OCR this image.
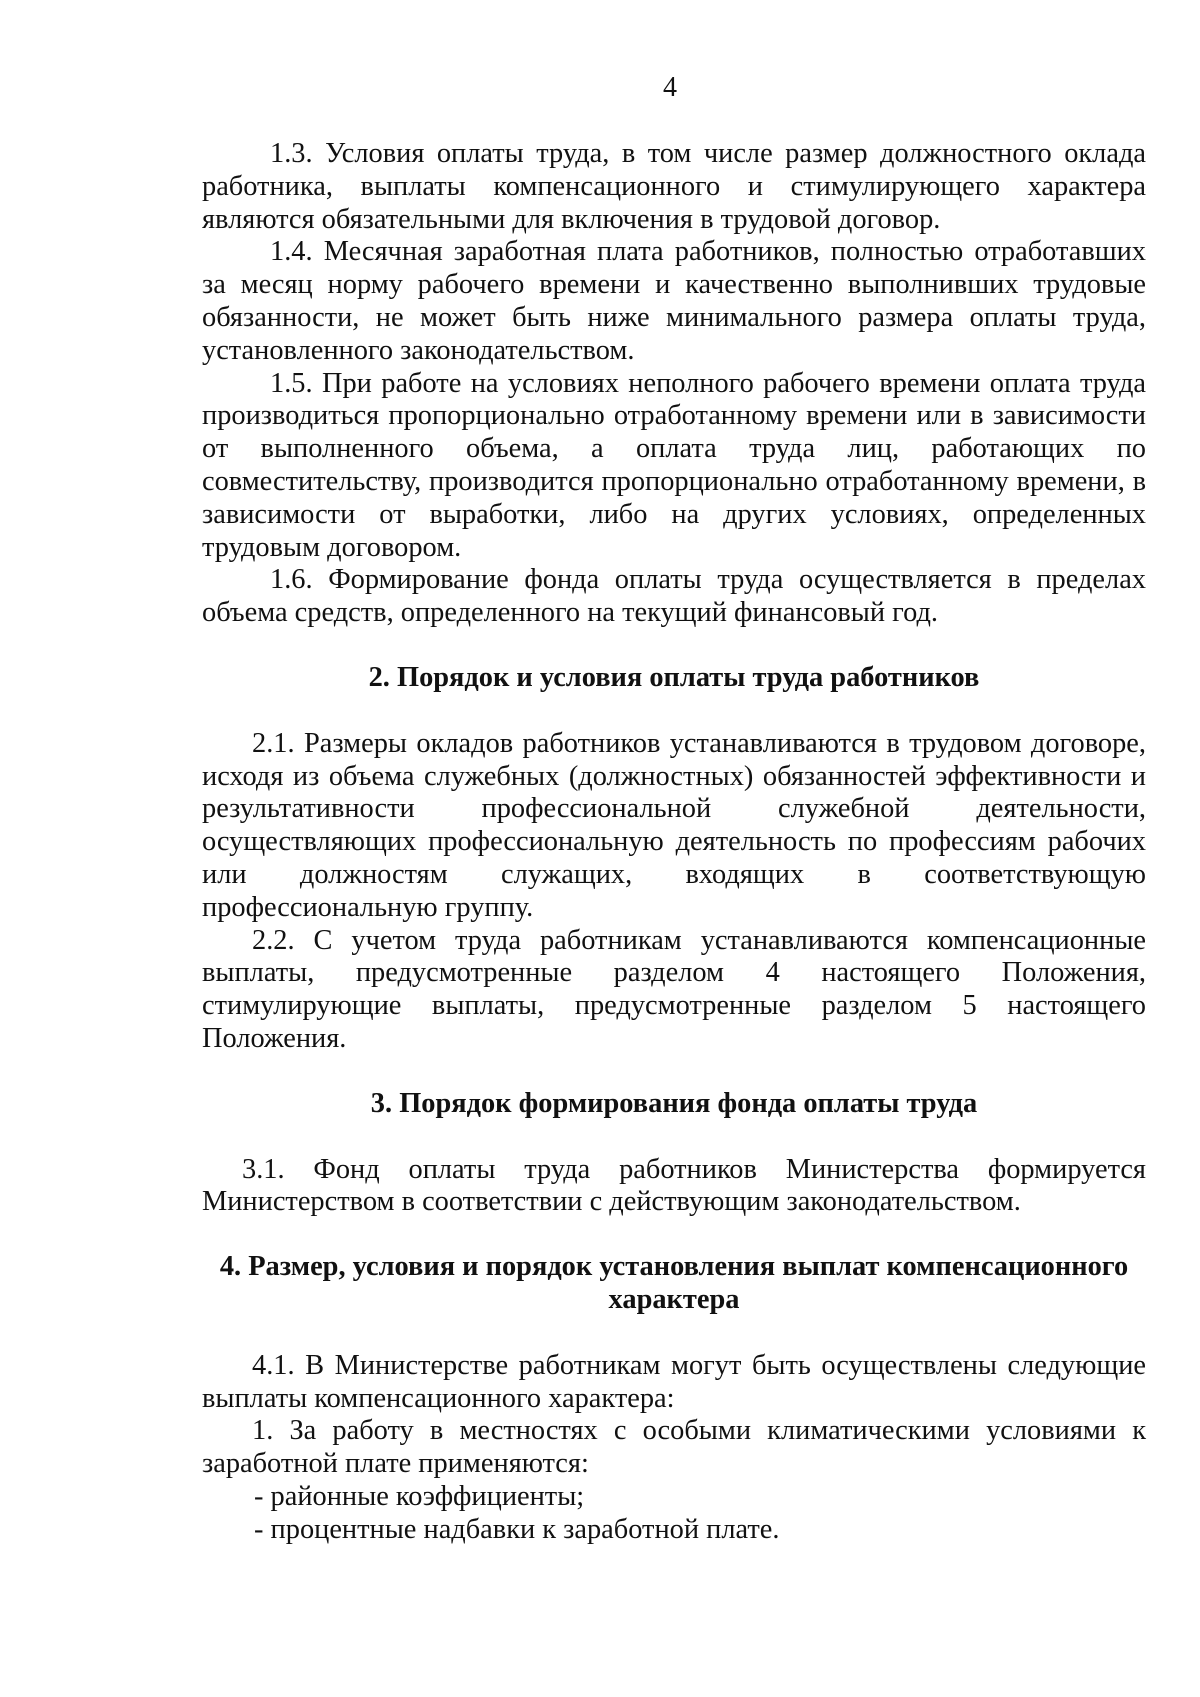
4

1.3. Условия оплаты труда, в том числе размер должностного оклада работника, выплаты компенсационного и стимулирующего характера являются обязательными для включения в трудовой договор.

1.4. Месячная заработная плата работников, полностью отработавших за месяц норму рабочего времени и качественно выполнивших трудовые обязанности, не может быть ниже минимального размера оплаты труда, установленного законодательством.

1.5. При работе на условиях неполного рабочего времени оплата труда производиться пропорционально отработанному времени или в зависимости от выполненного объема, а оплата труда лиц, работающих по совместительству, производится пропорционально отработанному времени, в зависимости от выработки, либо на других условиях, определенных трудовым договором.

1.6. Формирование фонда оплаты труда осуществляется в пределах объема средств, определенного на текущий финансовый год.

2. Порядок и условия оплаты труда работников

2.1. Размеры окладов работников устанавливаются в трудовом договоре, исходя из объема служебных (должностных) обязанностей эффективности и результативности профессиональной служебной деятельности, осуществляющих профессиональную деятельность по профессиям рабочих или должностям служащих, входящих в соответствующую профессиональную группу.

2.2. С учетом труда работникам устанавливаются компенсационные выплаты, предусмотренные разделом 4 настоящего Положения, стимулирующие выплаты, предусмотренные разделом 5 настоящего Положения.

3. Порядок формирования фонда оплаты труда

3.1. Фонд оплаты труда работников Министерства формируется Министерством в соответствии с действующим законодательством.

4. Размер, условия и порядок установления выплат компенсационного
характера

4.1. В Министерстве работникам могут быть осуществлены следующие выплаты компенсационного характера:

1. За работу в местностях с особыми климатическими условиями к заработной плате применяются:

- районные коэффициенты;

- процентные надбавки к заработной плате.
